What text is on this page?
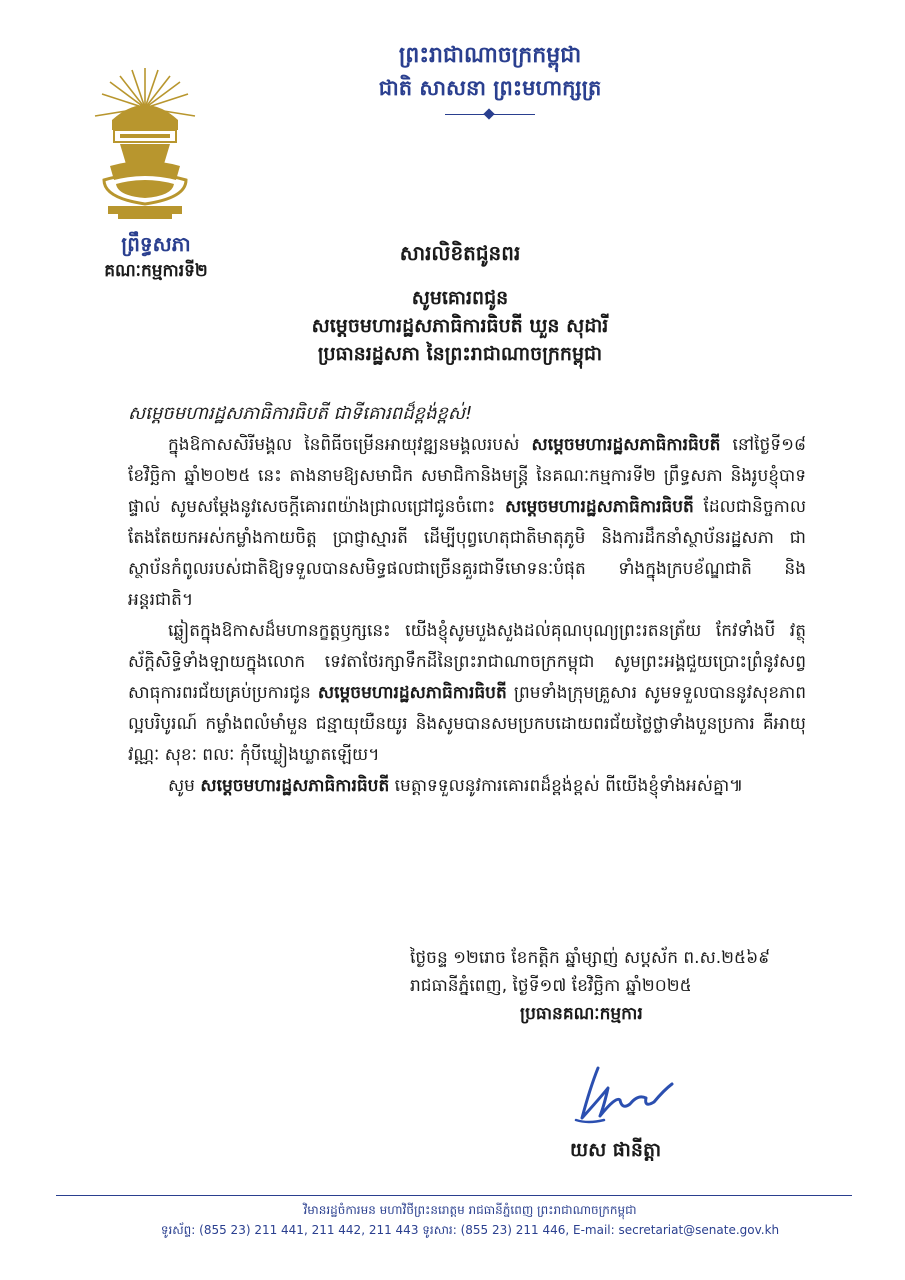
ព្រះរាជាណាចក្រកម្ពុជា
ជាតិ សាសនា ព្រះមហាក្សត្រ
ព្រឹទ្ធសភា
គណៈកម្មការទី២
សារលិខិតជូនពរ
សូមគោរពជូន
សម្តេចមហារដ្ឋសភាធិការធិបតី ឃួន សុដារី
ប្រធានរដ្ឋសភា នៃព្រះរាជាណាចក្រកម្ពុជា
សម្តេចមហារដ្ឋសភាធិការធិបតី ជាទីគោរពដ៏ខ្ពង់ខ្ពស់!

ក្នុងឱកាសសិរីមង្គល នៃពិធីចម្រើនអាយុវឌ្ឍនមង្គលរបស់ សម្តេចមហារដ្ឋសភាធិការធិបតី នៅថ្ងៃទី១៨ ខែវិច្ឆិកា ឆ្នាំ២០២៥ នេះ តាងនាមឱ្យសមាជិក សមាជិកានិងមន្ត្រី នៃគណៈកម្មការទី២ ព្រឹទ្ធសភា និងរូបខ្ញុំបាទផ្ទាល់ សូមសម្តែងនូវសេចក្តីគោរពយ៉ាងជ្រាលជ្រៅជូនចំពោះ សម្តេចមហារដ្ឋសភាធិការធិបតី ដែលជានិច្ចកាលតែងតែយកអស់កម្លាំងកាយចិត្ត ប្រាជ្ញាស្មារតី ដើម្បីបុព្វហេតុជាតិមាតុភូមិ និងការដឹកនាំស្ថាប័នរដ្ឋសភា ជាស្ថាប័នកំពូលរបស់ជាតិឱ្យទទួលបានសមិទ្ធផលជាច្រើនគួរជាទីមោទនៈបំផុត ទាំងក្នុងក្របខ័ណ្ឌជាតិ និងអន្តរជាតិ។

ឆ្លៀតក្នុងឱកាសដ៏មហានក្ខត្តឫក្សនេះ យើងខ្ញុំសូមបួងសួងដល់គុណបុណ្យព្រះរតនត្រ័យ កែវទាំងបី វត្ថុស័ក្តិសិទ្ធិទាំងឡាយក្នុងលោក ទេវតាថែរក្សាទឹកដីនៃព្រះរាជាណាចក្រកម្ពុជា សូមព្រះអង្គជួយប្រោះព្រំនូវសព្វសាធុការពរជ័យគ្រប់ប្រការជូន សម្តេចមហារដ្ឋសភាធិការធិបតី ព្រមទាំងក្រុមគ្រួសារ សូមទទួលបាននូវសុខភាពល្អបរិបូរណ៍ កម្លាំងពលំមាំមួន ជន្មាយុយឺនយូរ និងសូមបានសមប្រកបដោយពរជ័យថ្លៃថ្លាទាំងបួនប្រការ គឺអាយុ វណ្ណៈ សុខៈ ពលៈ កុំបីឃ្លៀងឃ្លាតឡើយ។

សូម សម្តេចមហារដ្ឋសភាធិការធិបតី មេត្តាទទួលនូវការគោរពដ៏ខ្ពង់ខ្ពស់ ពីយើងខ្ញុំទាំងអស់គ្នា៕

ថ្ងៃចន្ទ ១២រោច ខែកត្តិក ឆ្នាំម្សាញ់ សប្តស័ក ព.ស.២៥៦៩
រាជធានីភ្នំពេញ, ថ្ងៃទី១៧ ខែវិច្ឆិកា ឆ្នាំ២០២៥
ប្រធានគណៈកម្មការ
យស ផានីត្តា
វិមានរដ្ឋចំការមន មហាវិថីព្រះនរោត្តម រាជធានីភ្នំពេញ ព្រះរាជាណាចក្រកម្ពុជា
ទូរស័ព្ទ: (855 23) 211 441, 211 442, 211 443 ទូរសារ: (855 23) 211 446, E-mail: secretariat@senate.gov.kh
